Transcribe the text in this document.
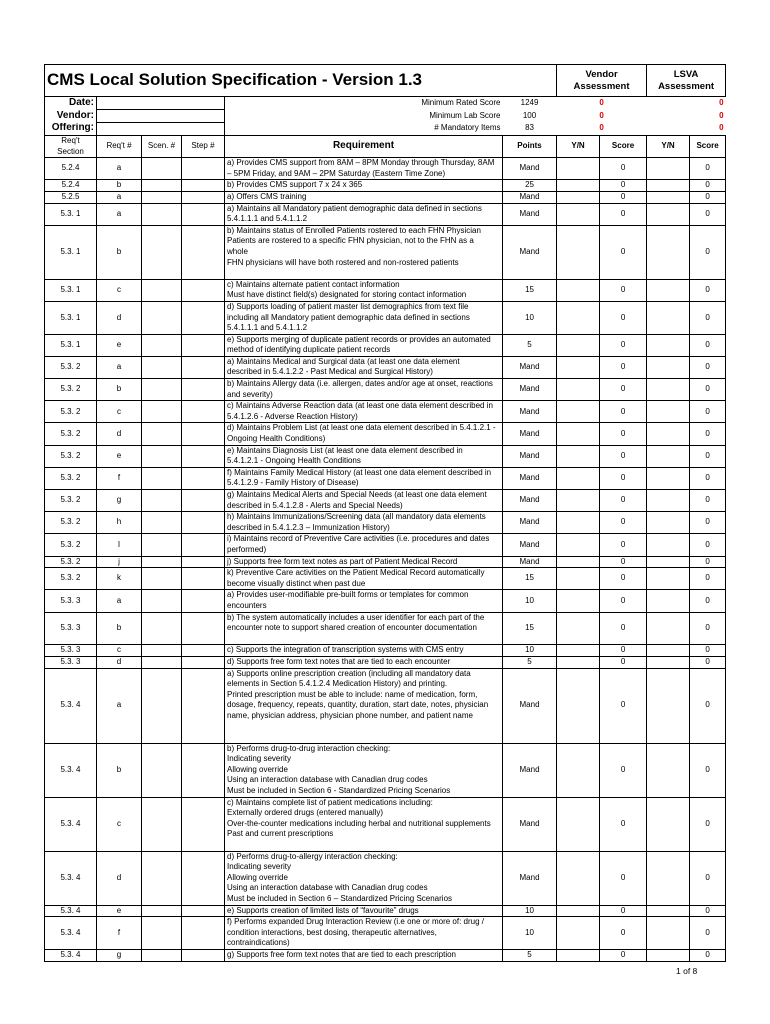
CMS Local Solution Specification - Version 1.3						Vendor Assessment		LSVA Assessment	
Date:				Minimum Rated Score	1249	0		0	
Vendor:				Minimum Lab Score	100	0		0	
Offering:				# Mandatory Items	83	0		0	
Req't Section	Req't #	Scen. #	Step #	Requirement	Points	Y/N	Score	Y/N	Score
5.2.4	a			a) Provides CMS support from 8AM – 8PM Monday through Thursday, 8AM
– 5PM Friday, and 9AM – 2PM Saturday (Eastern Time Zone)	Mand		0		0
5.2.4	b			b) Provides CMS support 7 x 24 x 365	25		0		0
5.2.5	a			a) Offers CMS training	Mand		0		0
5.3. 1	a			a) Maintains all Mandatory patient demographic data defined in sections
5.4.1.1.1 and 5.4.1.1.2	Mand		0		0
5.3. 1	b			b) Maintains status of Enrolled Patients rostered to each FHN Physician
Patients are rostered to a specific FHN physician, not to the FHN as a
whole
FHN physicians will have both rostered and non-rostered patients	Mand		0		0
5.3. 1	c			c) Maintains alternate patient contact information
Must have distinct field(s) designated for storing contact information	15		0		0
5.3. 1	d			d) Supports loading of patient master list demographics from text file
including all Mandatory patient demographic data defined in sections
5.4.1.1.1 and 5.4.1.1.2	10		0		0
5.3. 1	e			e) Supports merging of duplicate patient records or provides an automated
method of identifying duplicate patient records	5		0		0
5.3. 2	a			a) Maintains Medical and Surgical data (at least one data element
described in 5.4.1.2.2 - Past Medical and Surgical History)	Mand		0		0
5.3. 2	b			b) Maintains Allergy data (i.e. allergen, dates and/or age at onset, reactions
and severity)	Mand		0		0
5.3. 2	c			c) Maintains Adverse Reaction data (at least one data element described in
5.4.1.2.6 - Adverse Reaction History)	Mand		0		0
5.3. 2	d			d) Maintains Problem List (at least one data element described in 5.4.1.2.1 -
Ongoing Health Conditions)	Mand		0		0
5.3. 2	e			e) Maintains Diagnosis List (at least one data element described in
5.4.1.2.1 - Ongoing Health Conditions	Mand		0		0
5.3. 2	f			f) Maintains Family Medical History (at least one data element described in
5.4.1.2.9 - Family History of Disease)	Mand		0		0
5.3. 2	g			g) Maintains Medical Alerts and Special Needs (at least one data element
described in 5.4.1.2.8 - Alerts and Special Needs)	Mand		0		0
5.3. 2	h			h) Maintains Immunizations/Screening data (all mandatory data elements
described in 5.4.1.2.3 – Immunization History)	Mand		0		0
5.3. 2	I			i) Maintains record of Preventive Care activities (i.e. procedures and dates
performed)	Mand		0		0
5.3. 2	j			j) Supports free form text notes as part of Patient Medical Record	Mand		0		0
5.3. 2	k			k) Preventive Care activities on the Patient Medical Record automatically
become visually distinct when past due	15		0		0
5.3. 3	a			a) Provides user-modifiable pre-built forms or templates for common
encounters	10		0		0
5.3. 3	b			b) The system automatically includes a user identifier for each part of the
encounter note to support shared creation of encounter documentation	15		0		0
5.3. 3	c			c) Supports the integration of transcription systems with CMS entry	10		0		0
5.3. 3	d			d) Supports free form text notes that are tied to each encounter	5		0		0
5.3. 4	a			a) Supports online prescription creation (including all mandatory data
elements in Section 5.4.1.2.4 Medication History) and printing.
Printed prescription must be able to include: name of medication, form,
dosage, frequency, repeats, quantity, duration, start date, notes, physician
name, physician address, physician phone number, and patient name	Mand		0		0
5.3. 4	b			b) Performs drug-to-drug interaction checking:
Indicating severity
Allowing override
Using an interaction database with Canadian drug codes
Must be included in Section 6 - Standardized Pricing Scenarios	Mand		0		0
5.3. 4	c			c) Maintains complete list of patient medications including:
Externally ordered drugs (entered manually)
Over-the-counter medications including herbal and nutritional supplements
Past and current prescriptions	Mand		0		0
5.3. 4	d			d) Performs drug-to-allergy interaction checking:
Indicating severity
Allowing override
Using an interaction database with Canadian drug codes
Must be included in Section 6 – Standardized Pricing Scenarios	Mand		0		0
5.3. 4	e			e) Supports creation of limited lists of “favourite” drugs	10		0		0
5.3. 4	f			f) Performs expanded Drug Interaction Review (i.e one or more of: drug /
condition interactions, best dosing, therapeutic alternatives,
contraindications)	10		0		0
5.3. 4	g			g) Supports free form text notes that are tied to each prescription	5		0		0
1 of 8
